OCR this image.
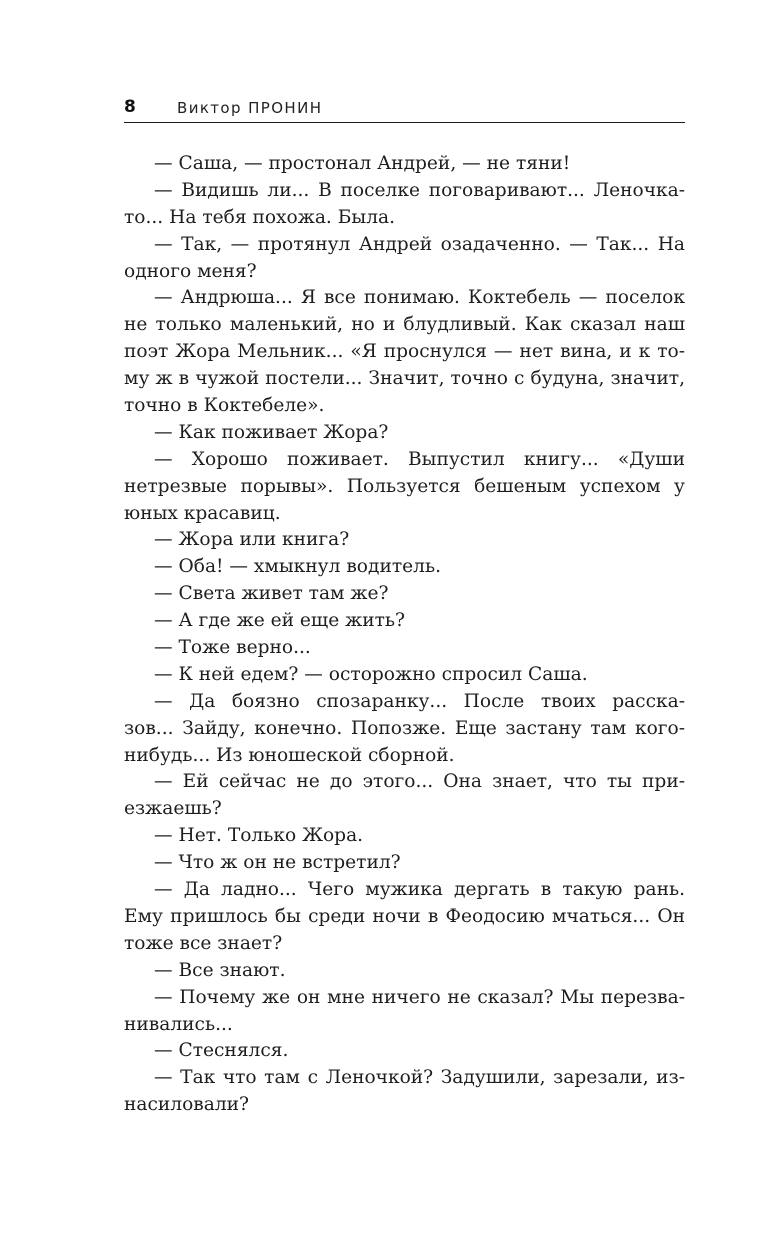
8	Виктор ПРОНИН
— Саша, — простонал Андрей, — не тяни!
— Видишь ли... В поселке поговаривают... Леночка-
то... На тебя похожа. Была.
— Так, — протянул Андрей озадаченно. — Так... На
одного меня?
— Андрюша... Я все понимаю. Коктебель — поселок
не только маленький, но и блудливый. Как сказал наш
поэт Жора Мельник... «Я проснулся — нет вина, и к то-
му ж в чужой постели... Значит, точно с будуна, значит,
точно в Коктебеле».
— Как поживает Жора?
— Хорошо поживает. Выпустил книгу... «Души
нетрезвые порывы». Пользуется бешеным успехом у
юных красавиц.
— Жора или книга?
— Оба! — хмыкнул водитель.
— Света живет там же?
— А где же ей еще жить?
— Тоже верно...
— К ней едем? — осторожно спросил Саша.
— Да боязно спозаранку... После твоих расска-
зов... Зайду, конечно. Попозже. Еще застану там кого-
нибудь... Из юношеской сборной.
— Ей сейчас не до этого... Она знает, что ты при-
езжаешь?
— Нет. Только Жора.
— Что ж он не встретил?
— Да ладно... Чего мужика дергать в такую рань.
Ему пришлось бы среди ночи в Феодосию мчаться... Он
тоже все знает?
— Все знают.
— Почему же он мне ничего не сказал? Мы перезва-
нивались...
— Стеснялся.
— Так что там с Леночкой? Задушили, зарезали, из-
насиловали?
